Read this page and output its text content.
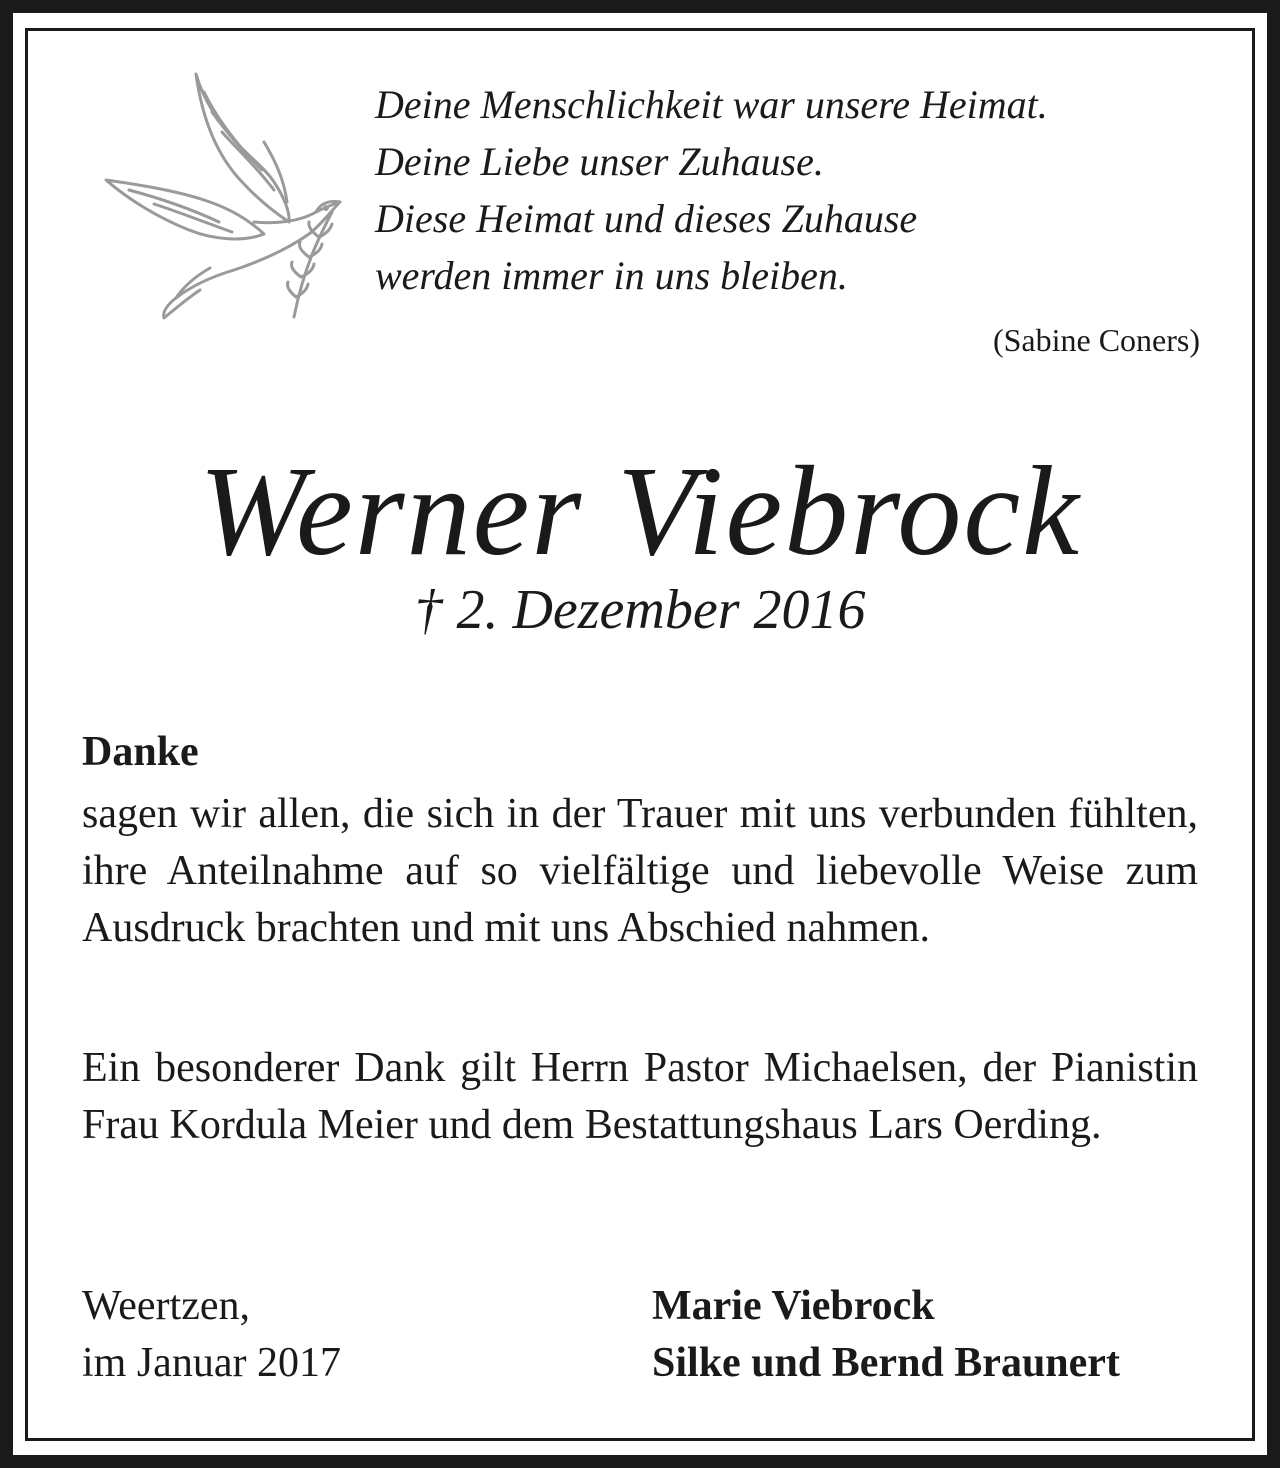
Deine Menschlichkeit war unsere Heimat.
Deine Liebe unser Zuhause.
Diese Heimat und dieses Zuhause
werden immer in uns bleiben.
(Sabine Coners)
Werner Viebrock
† 2. Dezember 2016
Danke
sagen wir allen, die sich in der Trauer mit uns verbunden fühlten, ihre Anteilnahme auf so vielfältige und liebevolle Weise zum Ausdruck brachten und mit uns Abschied nahmen.
Ein besonderer Dank gilt Herrn Pastor Michaelsen, der Pianistin Frau Kordula Meier und dem Bestattungshaus Lars Oerding.
Weertzen,
im Januar 2017
Marie Viebrock
Silke und Bernd Braunert
